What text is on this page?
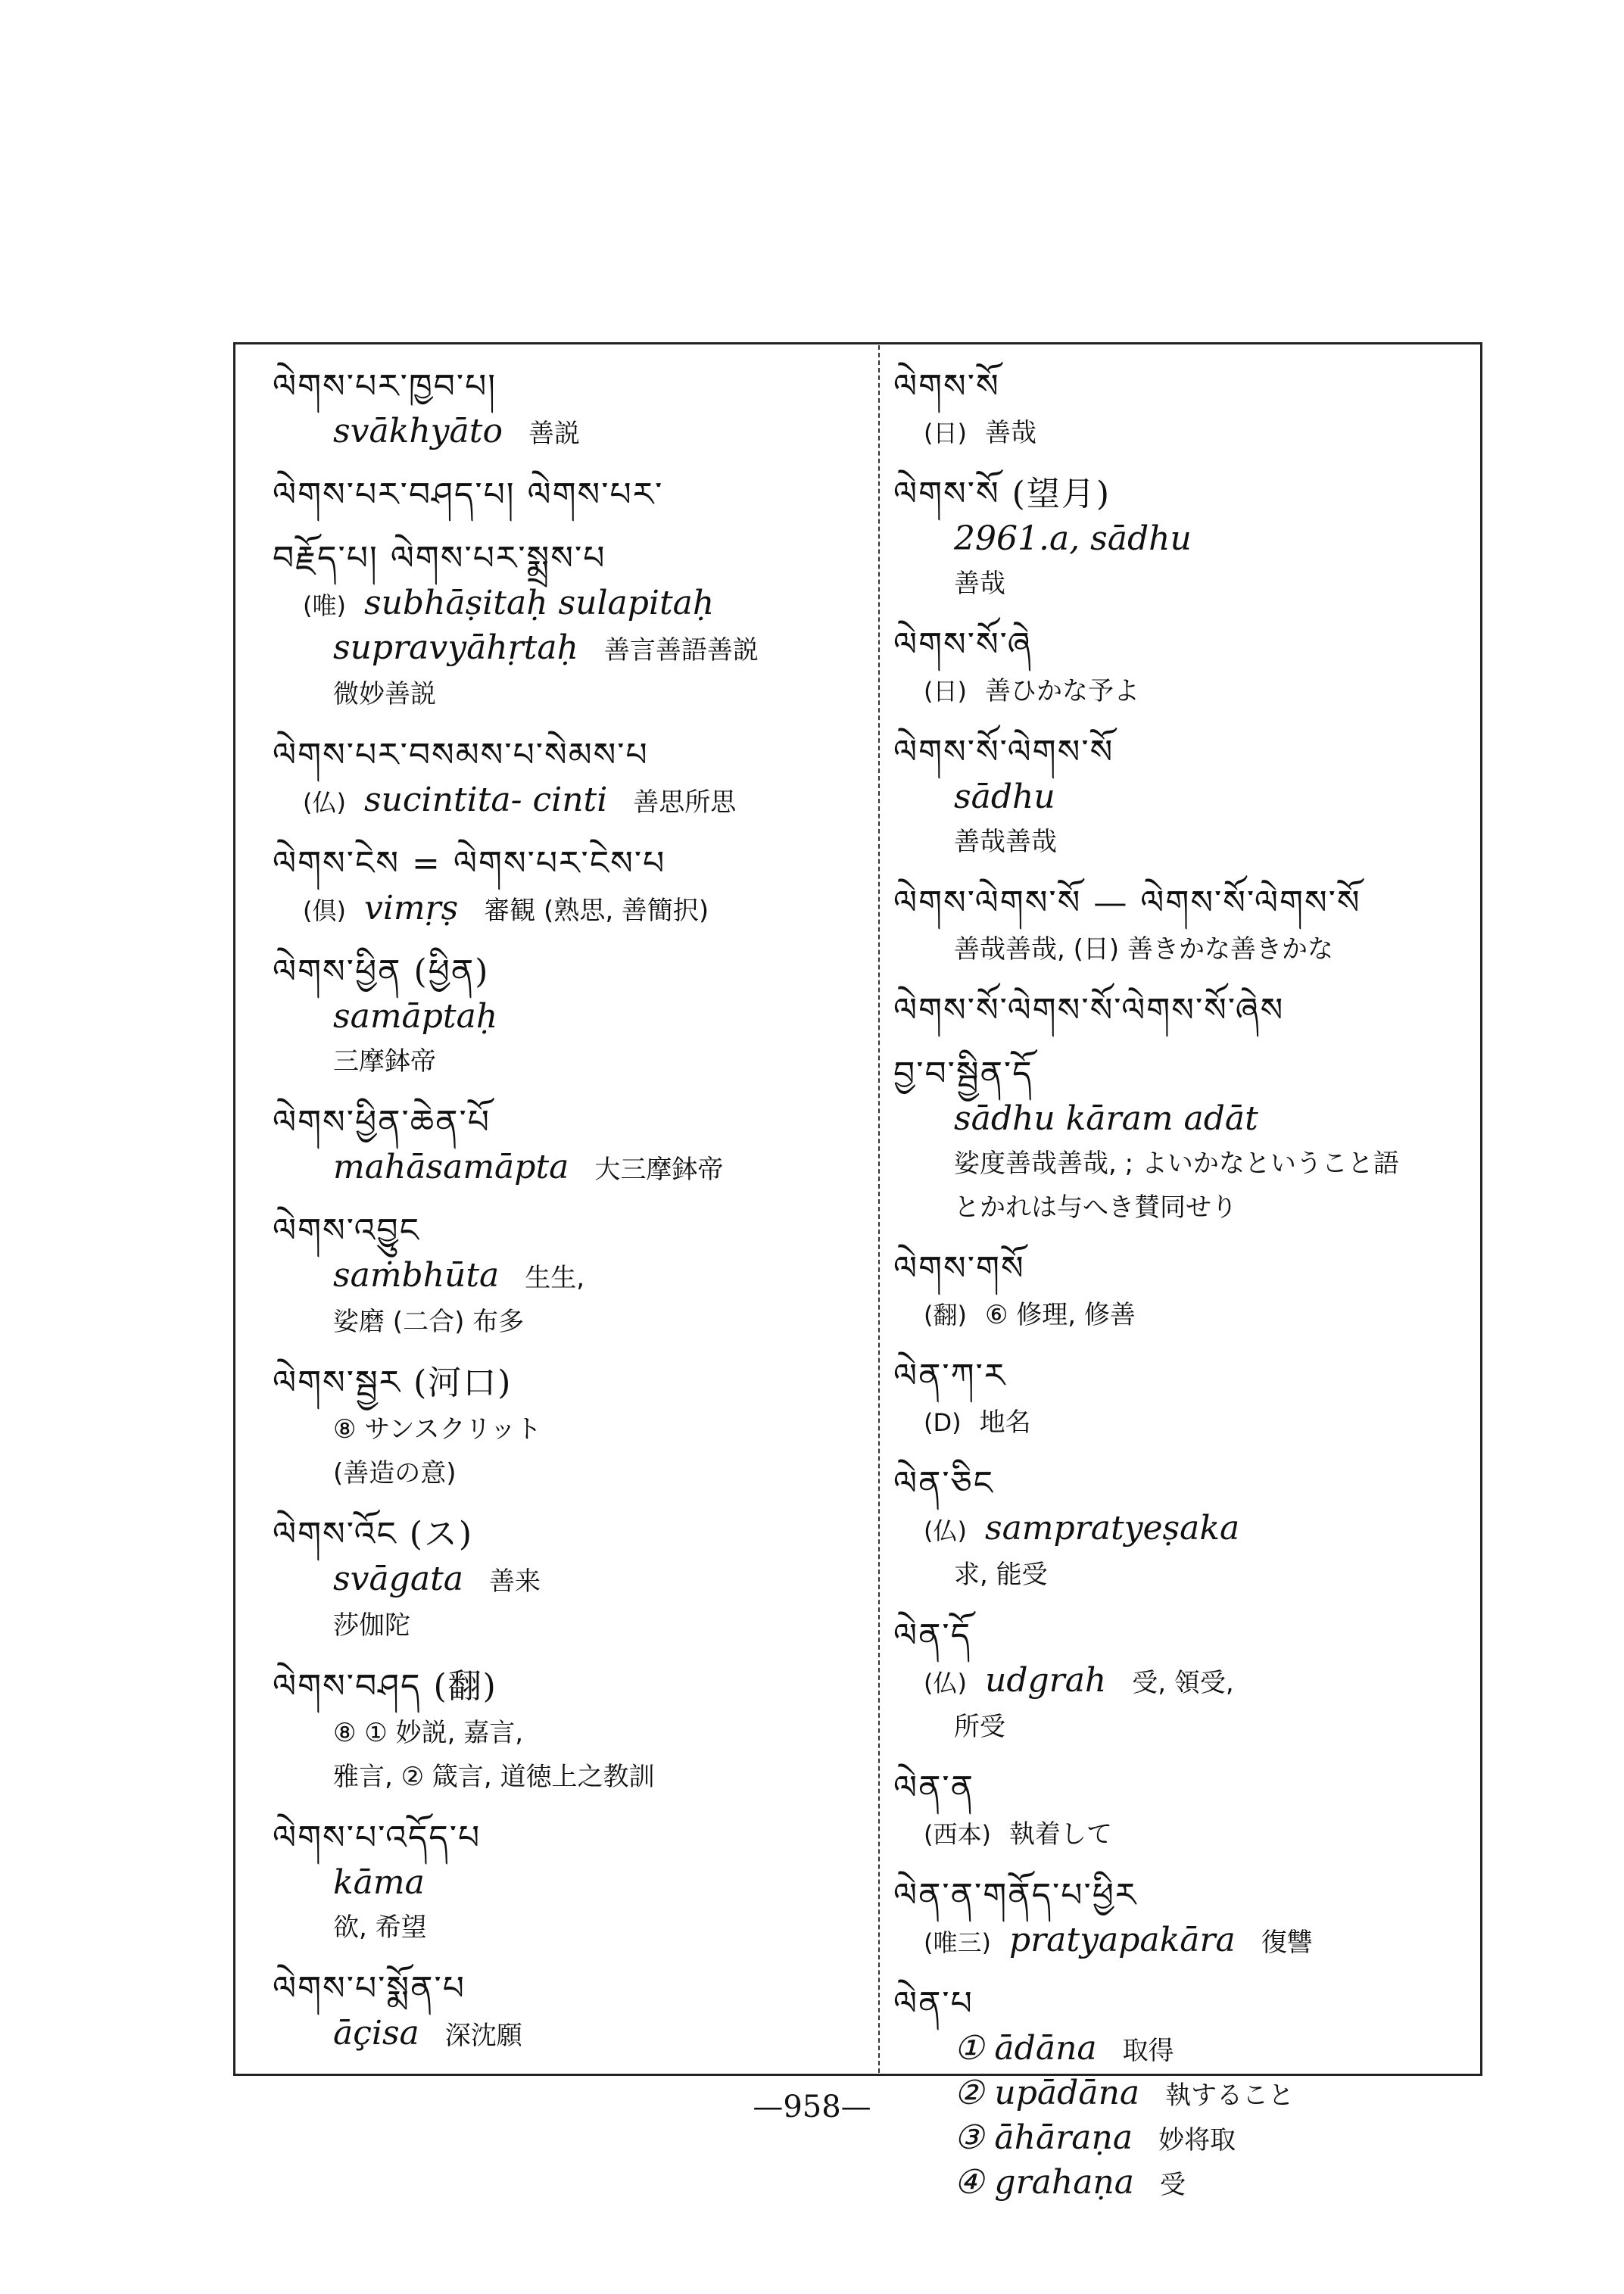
ལེགས་པར་ཁྱབ་པ།
svākhyāto 善説
ལེགས་པར་བཤད་པ། ལེགས་པར་
བརྗོད་པ། ལེགས་པར་སྨྲས་པ
(唯) subhāṣitaḥ sulapitaḥ
supravyāhṛtaḥ 善言善語善説
微妙善説
ལེགས་པར་བསམས་པ་སེམས་པ
(仏) sucintita- cinti 善思所思
ལེགས་ངེས = ལེགས་པར་ངེས་པ
(倶) vimṛṣ 審観 (熟思, 善簡択)
ལེགས་ཕྱིན (ཕྱིན)
samāptaḥ
三摩鉢帝
ལེགས་ཕྱིན་ཆེན་པོ
mahāsamāpta 大三摩鉢帝
ལེགས་འབྱུང
saṁbhūta 生生,
娑磨 (二合) 布多
ལེགས་སྦྱར (河口)
⑧ サンスクリット
(善造の意)
ལེགས་འོང (ス)
svāgata 善来
莎伽陀
ལེགས་བཤད (翻)
⑧ ① 妙説, 嘉言,
雅言, ② 箴言, 道徳上之教訓
ལེགས་པ་འདོད་པ
kāma
欲, 希望
ལེགས་པ་སྨོན་པ
āçisa 深沈願
ལེགས་སོ
(日) 善哉
ལེགས་སོ (望月)
2961.a, sādhu
善哉
ལེགས་སོ་ཞེ
(日) 善ひかな予よ
ལེགས་སོ་ལེགས་སོ
sādhu
善哉善哉
ལེགས་ལེགས་སོ — ལེགས་སོ་ལེགས་སོ
善哉善哉, (日) 善きかな善きかな
ལེགས་སོ་ལེགས་སོ་ལེགས་སོ་ཞེས
བྱ་བ་སྦྱིན་དོ
sādhu kāram adāt
娑度善哉善哉, ; よいかなということ語
とかれは与へき賛同せり
ལེགས་གསོ
(翻) ⑥ 修理, 修善
ལེན་ཀ་ར
(D) 地名
ལེན་ཅིང
(仏) sampratyeṣaka
求, 能受
ལེན་དོ
(仏) udgrah 受, 領受,
所受
ལེན་ན
(西本) 執着して
ལེན་ན་གནོད་པ་ཕྱིར
(唯三) pratyapakāra 復讐
ལེན་པ
① ādāna 取得
② upādāna 執すること
③ āhāraṇa 妙将取
④ grahaṇa 受
—958—
